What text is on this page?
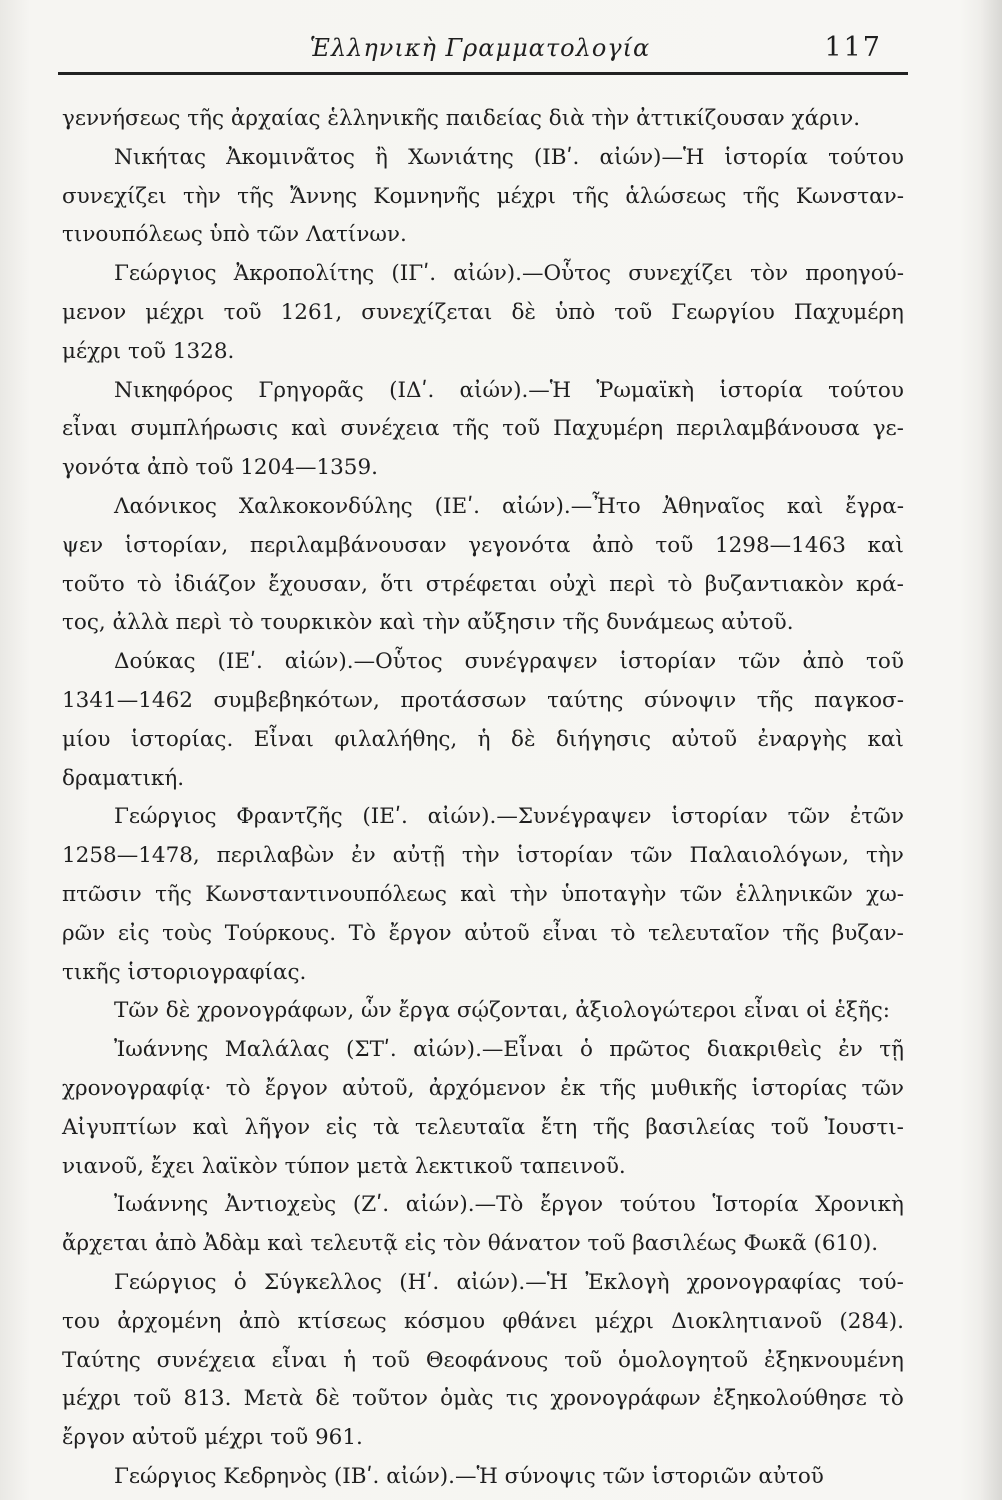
Ἑλληνικὴ Γραμματολογία	117
γεννήσεως τῆς ἀρχαίας ἑλληνικῆς παιδείας διὰ τὴν ἀττικίζουσαν χάριν.
Νικήτας Ἀκομινᾶτος ἢ Χωνιάτης (ΙΒʹ. αἰών)—Ἡ ἱστορία τούτου
συνεχίζει τὴν τῆς Ἄννης Κομνηνῆς μέχρι τῆς ἁλώσεως τῆς Κωνσταν-
τινουπόλεως ὑπὸ τῶν Λατίνων.
Γεώργιος Ἀκροπολίτης (ΙΓʹ. αἰών).—Οὗτος συνεχίζει τὸν προηγού-
μενον μέχρι τοῦ 1261, συνεχίζεται δὲ ὑπὸ τοῦ Γεωργίου Παχυμέρη
μέχρι τοῦ 1328.
Νικηφόρος Γρηγορᾶς (ΙΔʹ. αἰών).—Ἡ Ῥωμαϊκὴ ἱστορία τούτου
εἶναι συμπλήρωσις καὶ συνέχεια τῆς τοῦ Παχυμέρη περιλαμβάνουσα γε-
γονότα ἀπὸ τοῦ 1204—1359.
Λαόνικος Χαλκοκονδύλης (ΙΕʹ. αἰών).—Ἦτο Ἀθηναῖος καὶ ἔγρα-
ψεν ἱστορίαν, περιλαμβάνουσαν γεγονότα ἀπὸ τοῦ 1298—1463 καὶ
τοῦτο τὸ ἰδιάζον ἔχουσαν, ὅτι στρέφεται οὐχὶ περὶ τὸ βυζαντιακὸν κρά-
τος, ἀλλὰ περὶ τὸ τουρκικὸν καὶ τὴν αὔξησιν τῆς δυνάμεως αὐτοῦ.
Δούκας (ΙΕʹ. αἰών).—Οὗτος συνέγραψεν ἱστορίαν τῶν ἀπὸ τοῦ
1341—1462 συμβεβηκότων, προτάσσων ταύτης σύνοψιν τῆς παγκοσ-
μίου ἱστορίας. Εἶναι φιλαλήθης, ἡ δὲ διήγησις αὐτοῦ ἐναργὴς καὶ
δραματική.
Γεώργιος Φραντζῆς (ΙΕʹ. αἰών).—Συνέγραψεν ἱστορίαν τῶν ἐτῶν
1258—1478, περιλαβὼν ἐν αὐτῇ τὴν ἱστορίαν τῶν Παλαιολόγων, τὴν
πτῶσιν τῆς Κωνσταντινουπόλεως καὶ τὴν ὑποταγὴν τῶν ἑλληνικῶν χω-
ρῶν εἰς τοὺς Τούρκους. Τὸ ἔργον αὐτοῦ εἶναι τὸ τελευταῖον τῆς βυζαν-
τικῆς ἱστοριογραφίας.
Τῶν δὲ χρονογράφων, ὧν ἔργα σῴζονται, ἀξιολογώτεροι εἶναι οἱ ἑξῆς:
Ἰωάννης Μαλάλας (ΣΤʹ. αἰών).—Εἶναι ὁ πρῶτος διακριθεὶς ἐν τῇ
χρονογραφίᾳ· τὸ ἔργον αὐτοῦ, ἀρχόμενον ἐκ τῆς μυθικῆς ἱστορίας τῶν
Αἰγυπτίων καὶ λῆγον εἰς τὰ τελευταῖα ἔτη τῆς βασιλείας τοῦ Ἰουστι-
νιανοῦ, ἔχει λαϊκὸν τύπον μετὰ λεκτικοῦ ταπεινοῦ.
Ἰωάννης Ἀντιοχεὺς (Ζʹ. αἰών).—Τὸ ἔργον τούτου Ἱστορία Χρονικὴ
ἄρχεται ἀπὸ Ἀδὰμ καὶ τελευτᾷ εἰς τὸν θάνατον τοῦ βασιλέως Φωκᾶ (610).
Γεώργιος ὁ Σύγκελλος (Ηʹ. αἰών).—Ἡ Ἐκλογὴ χρονογραφίας τού-
του ἀρχομένη ἀπὸ κτίσεως κόσμου φθάνει μέχρι Διοκλητιανοῦ (284).
Ταύτης συνέχεια εἶναι ἡ τοῦ Θεοφάνους τοῦ ὁμολογητοῦ ἐξηκνουμένη
μέχρι τοῦ 813. Μετὰ δὲ τοῦτον ὁμὰς τις χρονογράφων ἐξηκολούθησε τὸ
ἔργον αὐτοῦ μέχρι τοῦ 961.
Γεώργιος Κεδρηνὸς (ΙΒʹ. αἰών).—Ἡ σύνοψις τῶν ἱστοριῶν αὐτοῦ
